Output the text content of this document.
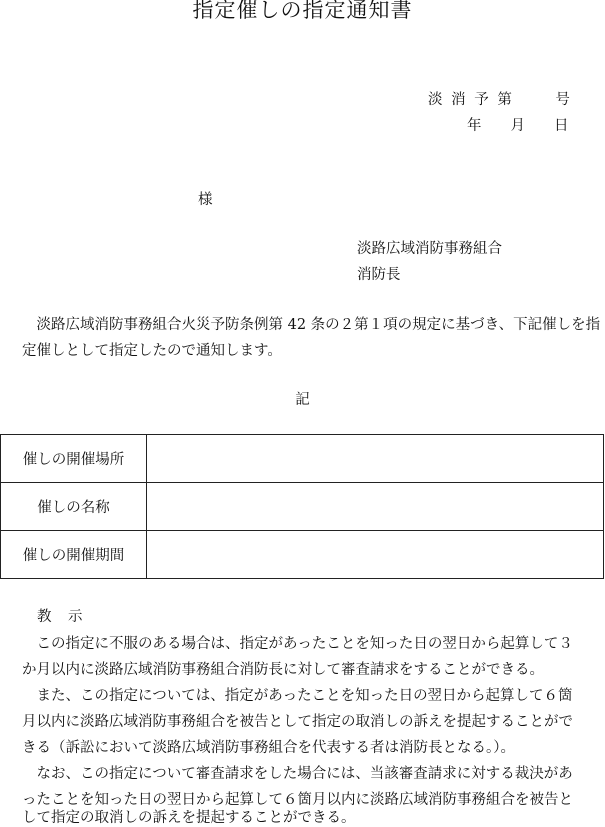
指定催しの指定通知書
淡 消 予 第　　　号
年　　月　　日
様
淡路広域消防事務組合
消防長
　淡路広域消防事務組合火災予防条例第 42 条の２第１項の規定に基づき、下記催しを指定催しとして指定したので通知します。
記
催しの開催場所	
催しの名称	
催しの開催期間	
教　示
　この指定に不服のある場合は、指定があったことを知った日の翌日から起算して３
か月以内に淡路広域消防事務組合消防長に対して審査請求をすることができる。
　また、この指定については、指定があったことを知った日の翌日から起算して６箇
月以内に淡路広域消防事務組合を被告として指定の取消しの訴えを提起することがで
きる（訴訟において淡路広域消防事務組合を代表する者は消防長となる。）。
　なお、この指定について審査請求をした場合には、当該審査請求に対する裁決があ
ったことを知った日の翌日から起算して６箇月以内に淡路広域消防事務組合を被告と
して指定の取消しの訴えを提起することができる。
